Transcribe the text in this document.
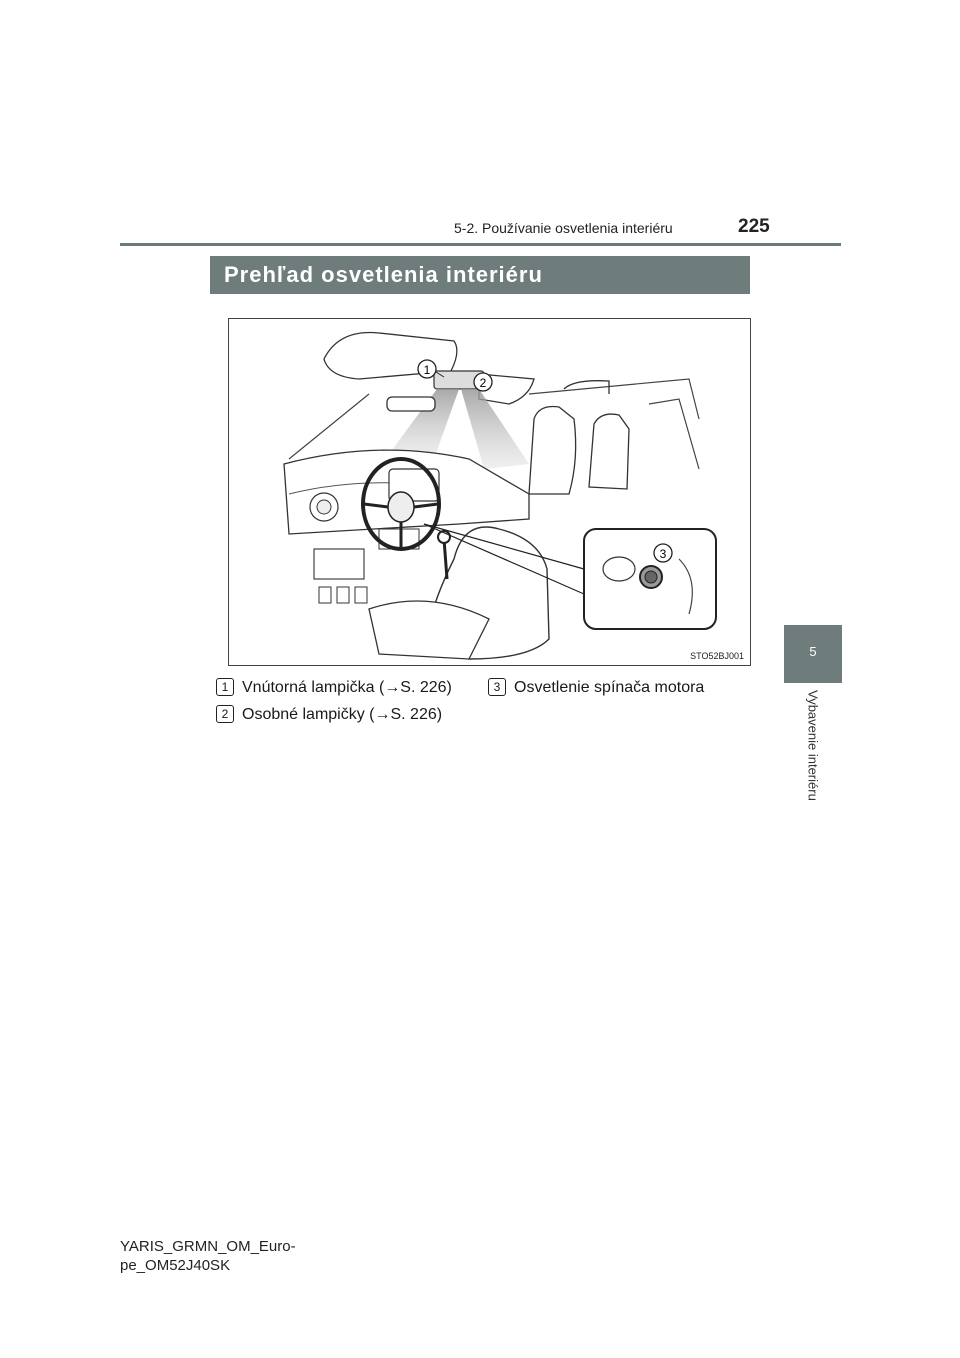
5-2. Používanie osvetlenia interiéru	225
Prehľad osvetlenia interiéru
5
Vybavenie interiéru
1
2
3
STO52BJ001
1 Vnútorná lampička (→S. 226)
2 Osobné lampičky (→S. 226)
3 Osvetlenie spínača motora
YARIS_GRMN_OM_Euro-
pe_OM52J40SK
